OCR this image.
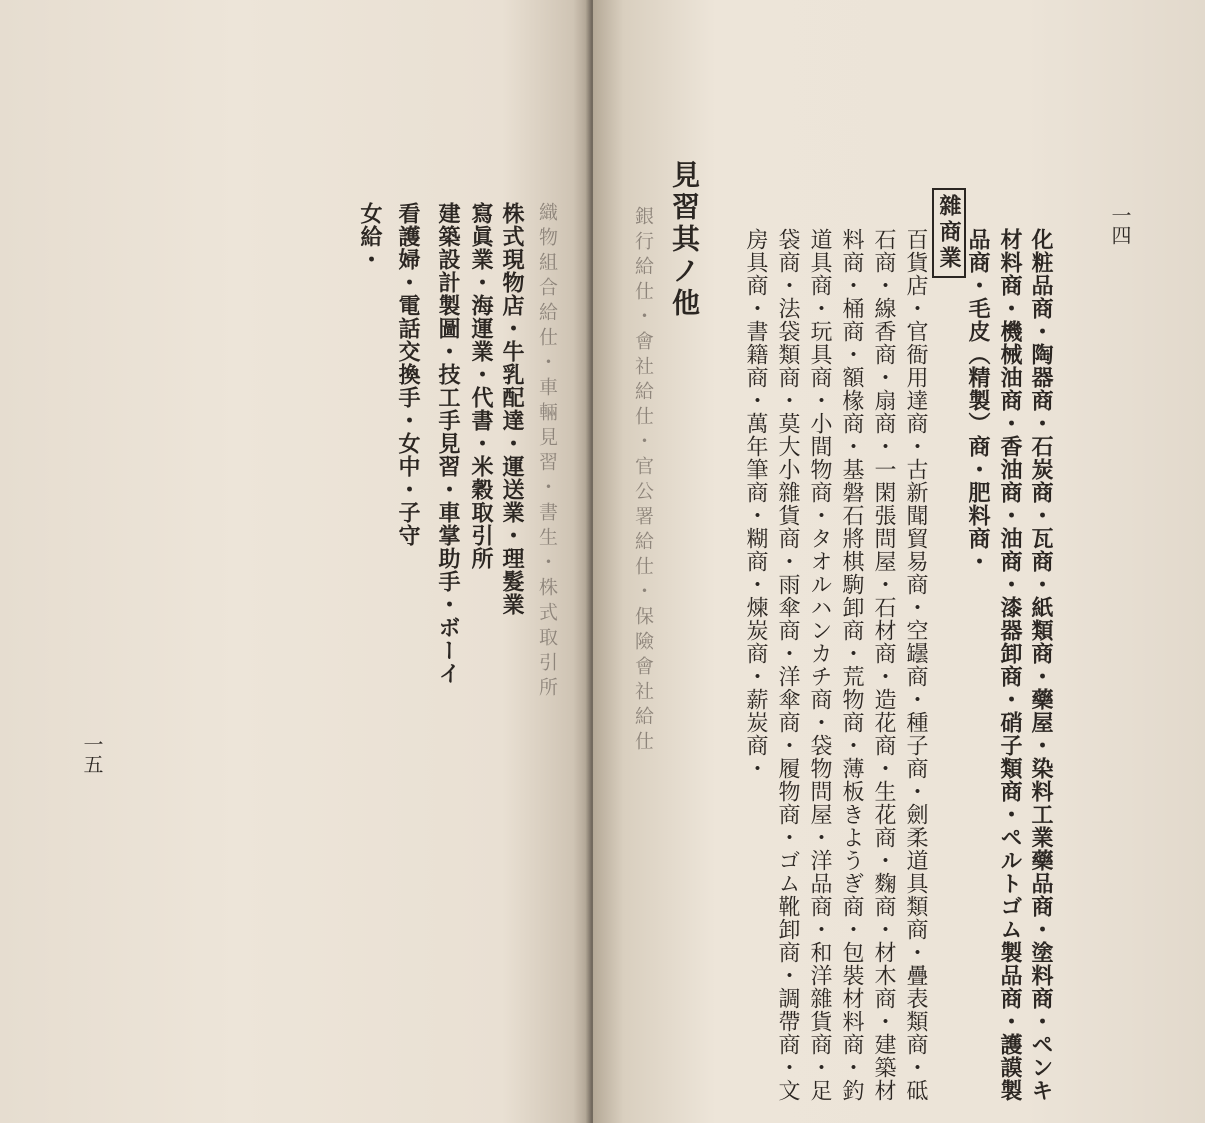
織物組合給仕・車輛見習・書生・株式取引所
株式現物店・牛乳配達・運送業・理髮業
寫眞業・海運業・代書・米穀取引所
建築設計製圖・技工手見習・車掌助手・ボーイ
看護婦・電話交換手・女中・子守
女給・
一五
一四
化粧品商・陶器商・石炭商・瓦商・紙類商・藥屋・染料工業藥品商・塗料商・ペンキ
材料商・機械油商・香油商・油商・漆器卸商・硝子類商・ペルトゴム製品商・護謨製
品商・毛皮（精製）商・肥料商・
雜商業
百貨店・官衙用達商・古新聞貿易商・空罎商・種子商・劍柔道具類商・疊表類商・砥
石商・線香商・扇商・一閑張問屋・石材商・造花商・生花商・麴商・材木商・建築材
料商・桶商・額椽商・基磐石將棋駒卸商・荒物商・薄板きようぎ商・包裝材料商・釣
道具商・玩具商・小間物商・タオルハンカチ商・袋物問屋・洋品商・和洋雜貨商・足
袋商・法袋類商・莫大小雜貨商・雨傘商・洋傘商・履物商・ゴム靴卸商・調帶商・文
房具商・書籍商・萬年筆商・糊商・煉炭商・薪炭商・
見習其ノ他
銀行給仕・會社給仕・官公署給仕・保險會社給仕
